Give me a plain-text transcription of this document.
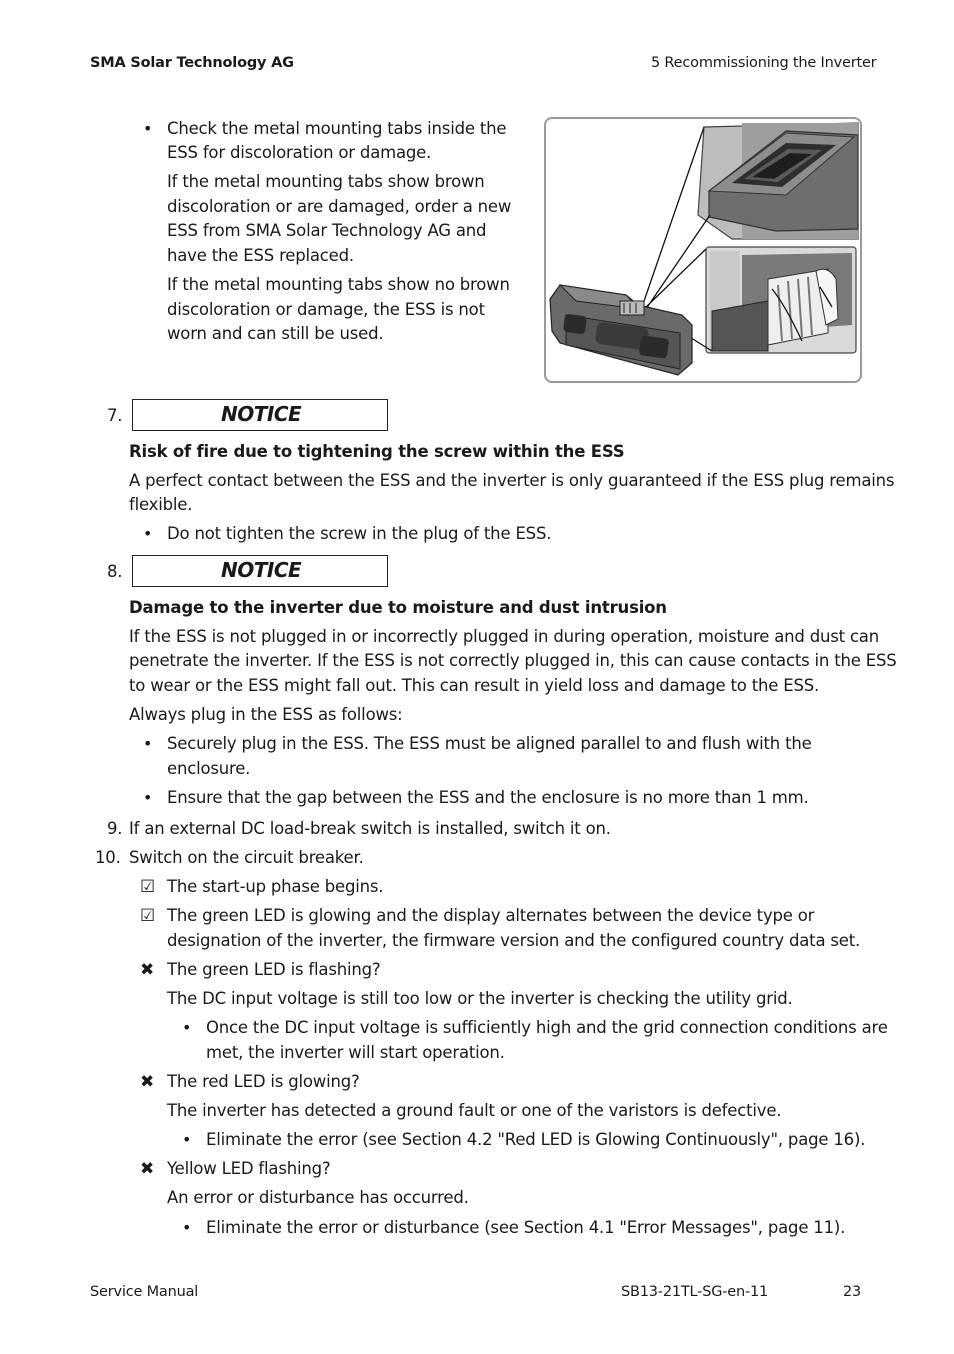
SMA Solar Technology AG	5 Recommissioning the Inverter
• Check the metal mounting tabs inside the
ESS for discoloration or damage.
If the metal mounting tabs show brown
discoloration or are damaged, order a new
ESS from SMA Solar Technology AG and
have the ESS replaced.
If the metal mounting tabs show no brown
discoloration or damage, the ESS is not
worn and can still be used.
7.	NOTICE
Risk of fire due to tightening the screw within the ESS
A perfect contact between the ESS and the inverter is only guaranteed if the ESS plug remains
flexible.
• Do not tighten the screw in the plug of the ESS.
8.	NOTICE
Damage to the inverter due to moisture and dust intrusion
If the ESS is not plugged in or incorrectly plugged in during operation, moisture and dust can
penetrate the inverter. If the ESS is not correctly plugged in, this can cause contacts in the ESS
to wear or the ESS might fall out. This can result in yield loss and damage to the ESS.
Always plug in the ESS as follows:
• Securely plug in the ESS. The ESS must be aligned parallel to and flush with the
enclosure.
• Ensure that the gap between the ESS and the enclosure is no more than 1 mm.
9. If an external DC load-break switch is installed, switch it on.
10. Switch on the circuit breaker.
☑ The start-up phase begins.
☑ The green LED is glowing and the display alternates between the device type or
designation of the inverter, the firmware version and the configured country data set.
✖ The green LED is flashing?
The DC input voltage is still too low or the inverter is checking the utility grid.
• Once the DC input voltage is sufficiently high and the grid connection conditions are
met, the inverter will start operation.
✖ The red LED is glowing?
The inverter has detected a ground fault or one of the varistors is defective.
• Eliminate the error (see Section 4.2 "Red LED is Glowing Continuously", page 16).
✖ Yellow LED flashing?
An error or disturbance has occurred.
• Eliminate the error or disturbance (see Section 4.1 "Error Messages", page 11).
Service Manual	SB13-21TL-SG-en-11	23
